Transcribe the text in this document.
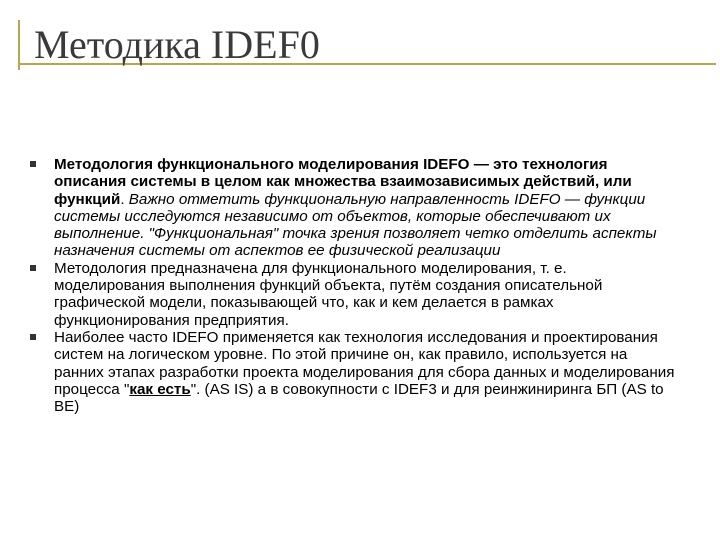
Методика IDEF0
Методология функционального моделирования IDEFO — это технология описания системы в целом как множества взаимозависимых действий, или функций. Важно отметить функциональную направленность IDEFO — функции системы исследуются независимо от объектов, которые обеспечивают их выполнение. "Функциональная" точка зрения позволяет четко отделить аспекты назначения системы от аспектов ее физической реализации
Методология предназначена для функционального моделирования, т. е. моделирования выполнения функций объекта, путём создания описательной графической модели, показывающей что, как и кем делается в рамках функционирования предприятия.
Наиболее часто IDEFO применяется как технология исследования и проектирования систем на логическом уровне. По этой причине он, как правило, используется на ранних этапах разработки проекта моделирования для сбора данных и моделирования процесса "как есть". (AS IS) а в совокупности с IDEF3 и для реинжиниринга БП (AS to BE)
